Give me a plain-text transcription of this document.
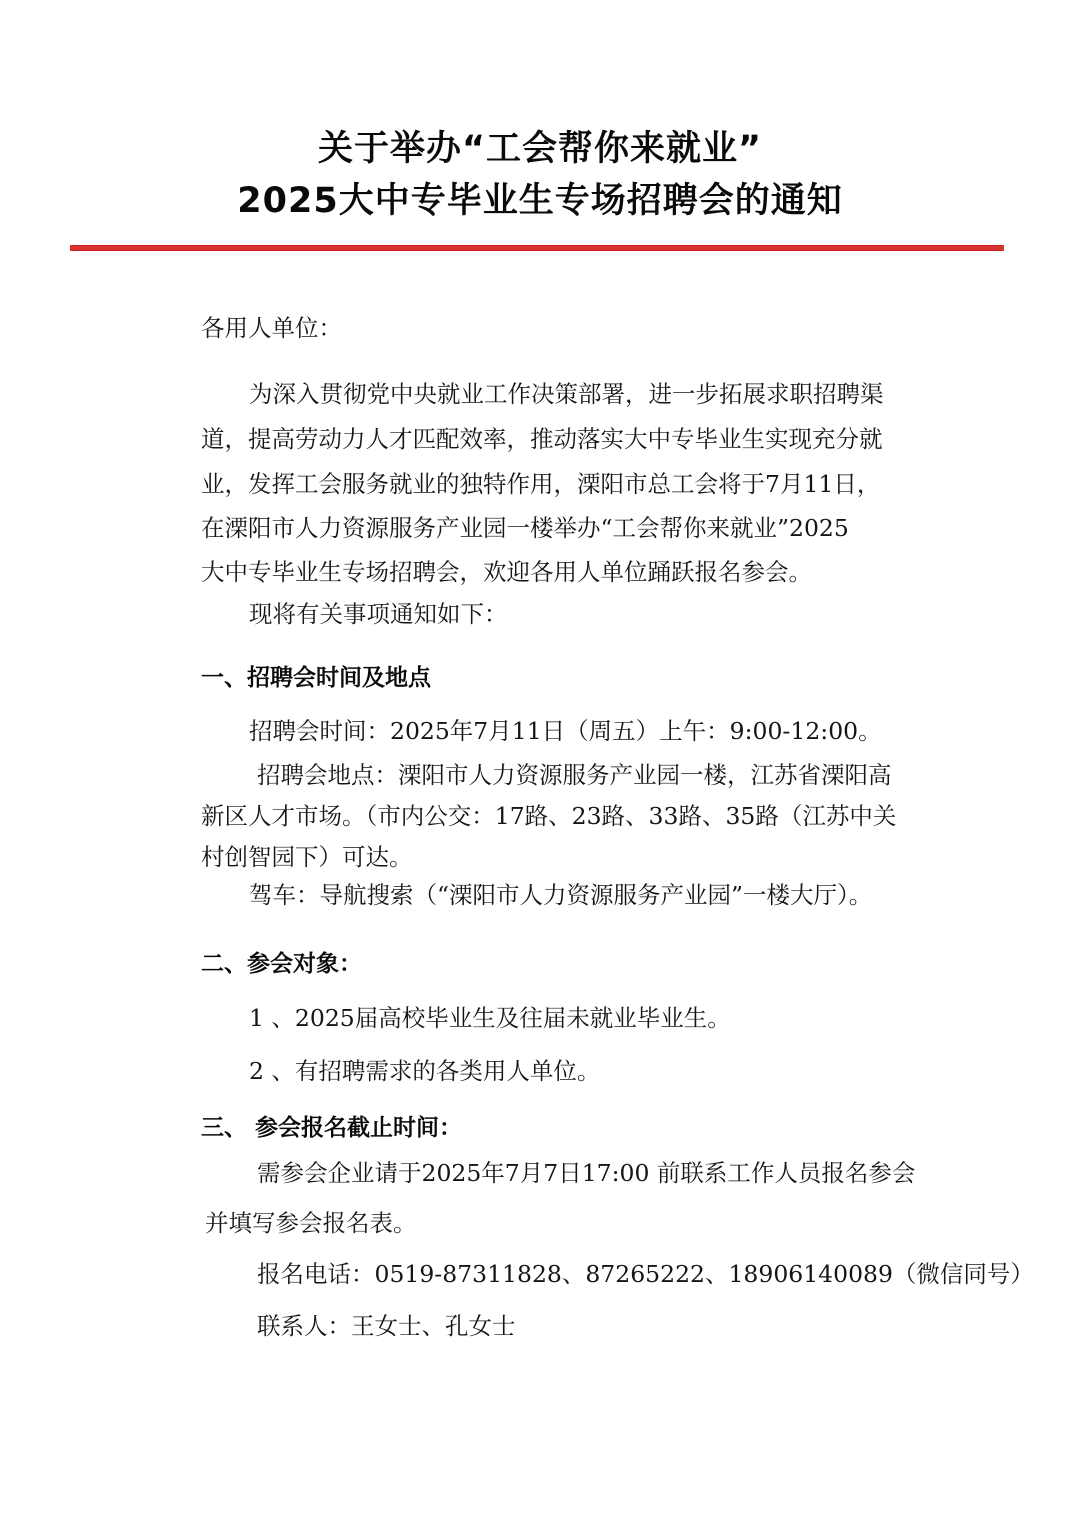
关于举办“工会帮你来就业”
2025大中专毕业生专场招聘会的通知
各用人单位：
为深入贯彻党中央就业工作决策部署，进一步拓展求职招聘渠
道，提高劳动力人才匹配效率，推动落实大中专毕业生实现充分就
业，发挥工会服务就业的独特作用，溧阳市总工会将于7月11日，
在溧阳市人力资源服务产业园一楼举办“工会帮你来就业”2025
大中专毕业生专场招聘会，欢迎各用人单位踊跃报名参会。
现将有关事项通知如下：
一、招聘会时间及地点
招聘会时间：2025年7月11日（周五）上午：9:00-12:00。
招聘会地点：溧阳市人力资源服务产业园一楼，江苏省溧阳高
新区人才市场。（市内公交：17路、23路、33路、35路（江苏中关
村创智园下）可达。
驾车：导航搜索（“溧阳市人力资源服务产业园”一楼大厅）。
二、参会对象：
1 、2025届高校毕业生及往届未就业毕业生。
2 、有招聘需求的各类用人单位。
三、 参会报名截止时间：
需参会企业请于2025年7月7日17:00 前联系工作人员报名参会
并填写参会报名表。
报名电话：0519-87311828、87265222、18906140089（微信同号）
联系人：王女士、孔女士
